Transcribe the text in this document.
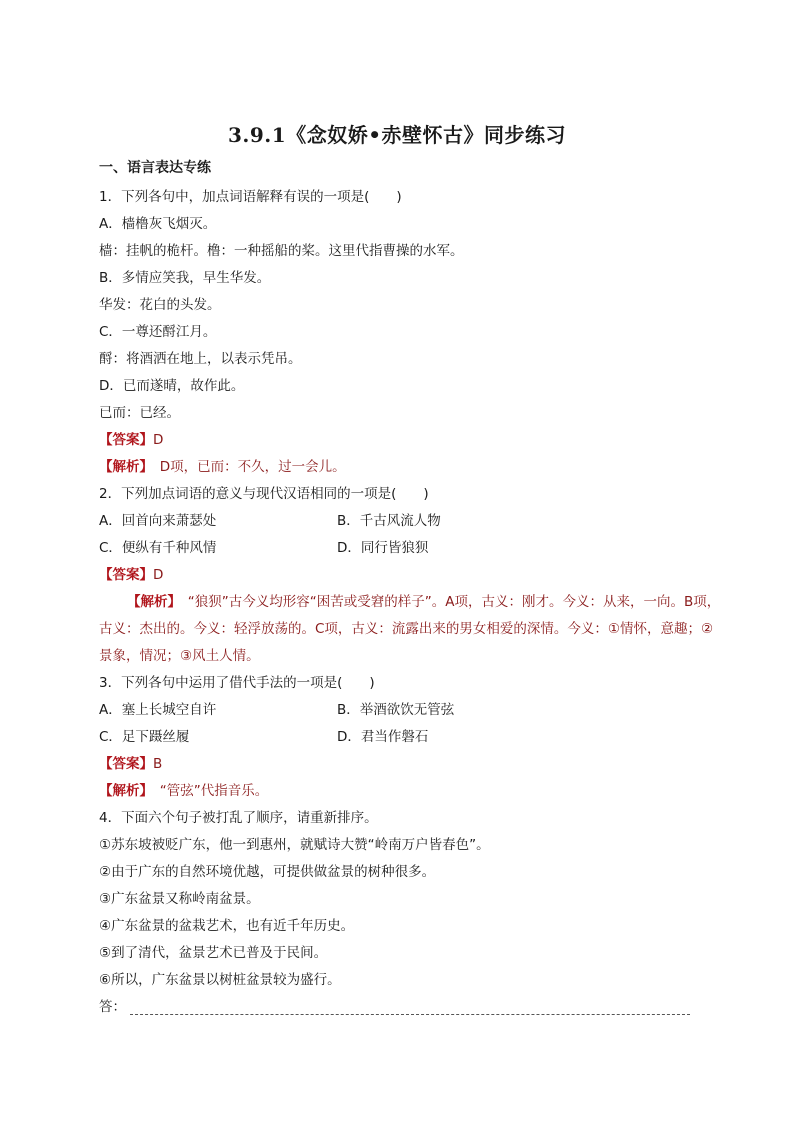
3.9.1《念奴娇•赤壁怀古》同步练习
一、语言表达专练
1．下列各句中，加点词语解释有误的一项是(　　)
A．樯橹灰飞烟灭。
樯：挂帆的桅杆。橹：一种摇船的桨。这里代指曹操的水军。
B．多情应笑我，早生华发。
华发：花白的头发。
C．一尊还酹江月。
酹：将酒洒在地上，以表示凭吊。
D．已而遂晴，故作此。
已而：已经。
【答案】D
【解析】　D项，已而：不久，过一会儿。
2．下列加点词语的意义与现代汉语相同的一项是(　　)
A．回首向来萧瑟处	B．千古风流人物
C．便纵有千种风情	D．同行皆狼狈
【答案】D
【解析】　“狼狈”古今义均形容“困苦或受窘的样子”。A项，古义：刚才。今义：从来，一向。B项，古义：杰出的。今义：轻浮放荡的。C项，古义：流露出来的男女相爱的深情。今义：①情怀，意趣；②景象，情况；③风土人情。
3．下列各句中运用了借代手法的一项是(　　)
A．塞上长城空自许	B．举酒欲饮无管弦
C．足下蹑丝履	D．君当作磐石
【答案】B
【解析】　“管弦”代指音乐。
4．下面六个句子被打乱了顺序，请重新排序。
①苏东坡被贬广东，他一到惠州，就赋诗大赞“岭南万户皆春色”。
②由于广东的自然环境优越，可提供做盆景的树种很多。
③广东盆景又称岭南盆景。
④广东盆景的盆栽艺术，也有近千年历史。
⑤到了清代，盆景艺术已普及于民间。
⑥所以，广东盆景以树桩盆景较为盛行。
答：
